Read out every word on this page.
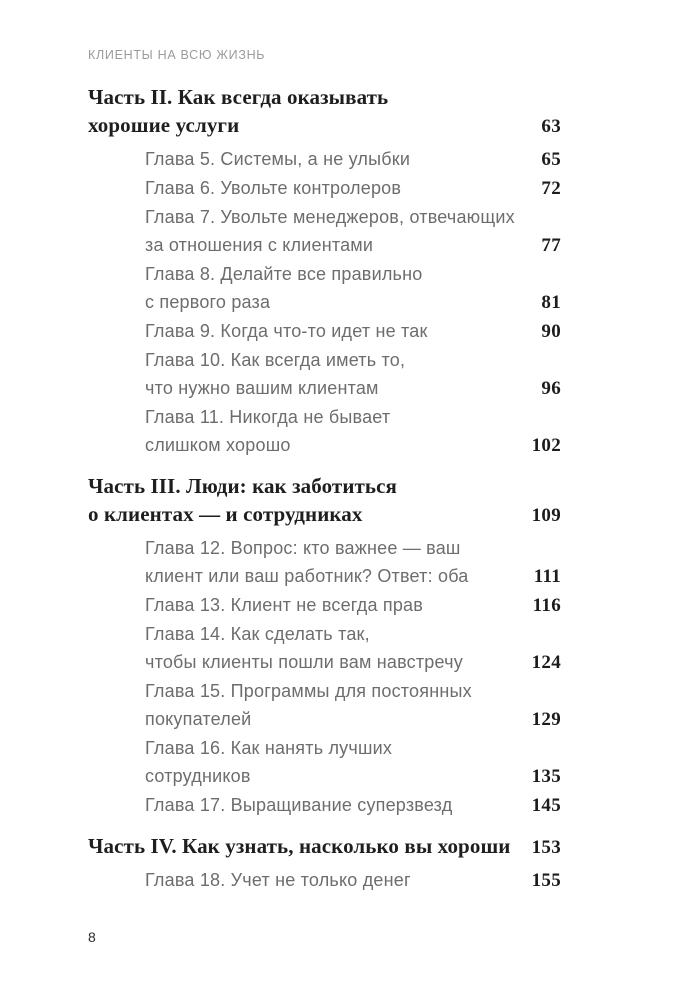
КЛИЕНТЫ НА ВСЮ ЖИЗНЬ
Часть II. Как всегда оказывать
хорошие услуги	63
Глава 5. Системы, а не улыбки	65
Глава 6. Увольте контролеров	72
Глава 7. Увольте менеджеров, отвечающих
за отношения с клиентами	77
Глава 8. Делайте все правильно
с первого раза	81
Глава 9. Когда что-то идет не так	90
Глава 10. Как всегда иметь то,
что нужно вашим клиентам	96
Глава 11. Никогда не бывает
слишком хорошо	102
Часть III. Люди: как заботиться
о клиентах — и сотрудниках	109
Глава 12. Вопрос: кто важнее — ваш
клиент или ваш работник? Ответ: оба	111
Глава 13. Клиент не всегда прав	116
Глава 14. Как сделать так,
чтобы клиенты пошли вам навстречу	124
Глава 15. Программы для постоянных
покупателей	129
Глава 16. Как нанять лучших
сотрудников	135
Глава 17. Выращивание суперзвезд	145
Часть IV. Как узнать, насколько вы хороши 153
Глава 18. Учет не только денег	155
8
